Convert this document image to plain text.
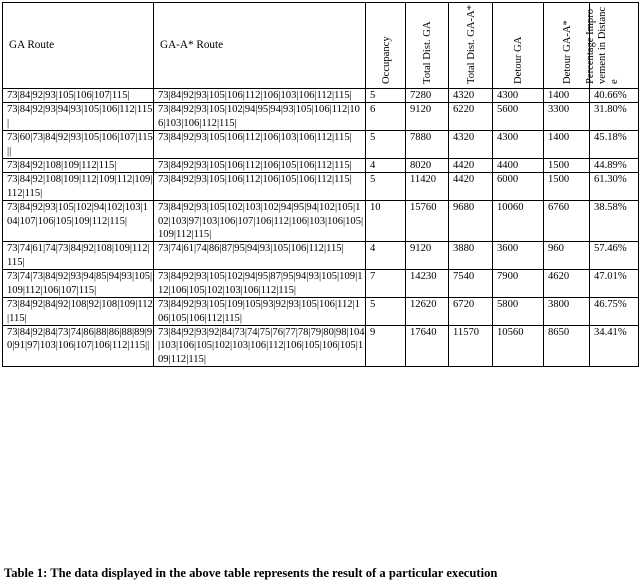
GA Route	GA-A* Route	Occupancy	Total Dist. GA	Total Dist. GA-A*	Detour GA	Detour GA-A*	Percentage Improvement in Distance

73|84|92|93|105|106|107|115|	73|84|92|93|105|106|112|106|103|106|112|115|	5	7280	4320	4300	1400	40.66%
73|84|92|93|94|93|105|106|112|115|	73|84|92|93|105|102|94|95|94|93|105|106|112|106|103|106|112|115|	6	9120	6220	5600	3300	31.80%
73|60|73|84|92|93|105|106|107|115||	73|84|92|93|105|106|112|106|103|106|112|115|	5	7880	4320	4300	1400	45.18%
73|84|92|108|109|112|115|	73|84|92|93|105|106|112|106|105|106|112|115|	4	8020	4420	4400	1500	44.89%
73|84|92|108|109|112|109|112|109|112|115|	73|84|92|93|105|106|112|106|105|106|112|115|	5	11420	4420	6000	1500	61.30%
73|84|92|93|105|102|94|102|103|104|107|106|105|109|112|115|	73|84|92|93|105|102|103|102|94|95|94|102|105|102|103|97|103|106|107|106|112|106|103|106|105|109|112|115|	10	15760	9680	10060	6760	38.58%
73|74|61|74|73|84|92|108|109|112|115|	73|74|61|74|86|87|95|94|93|105|106|112|115|	4	9120	3880	3600	960	57.46%
73|74|73|84|92|93|94|85|94|93|105|109|112|106|107|115|	73|84|92|93|105|102|94|95|87|95|94|93|105|109|112|106|105|102|103|106|112|115|	7	14230	7540	7900	4620	47.01%
73|84|92|84|92|108|92|108|109|112|115|	73|84|92|93|105|109|105|93|92|93|105|106|112|106|105|106|112|115|	5	12620	6720	5800	3800	46.75%
73|84|92|84|73|74|86|88|86|88|89|90|91|97|103|106|107|106|112|115||	73|84|92|93|92|84|73|74|75|76|77|78|79|80|98|104|103|106|105|102|103|106|112|106|105|106|105|109|112|115|	9	17640	11570	10560	8650	34.41%
Table 1: The data displayed in the above table represents the result of a particular execution
